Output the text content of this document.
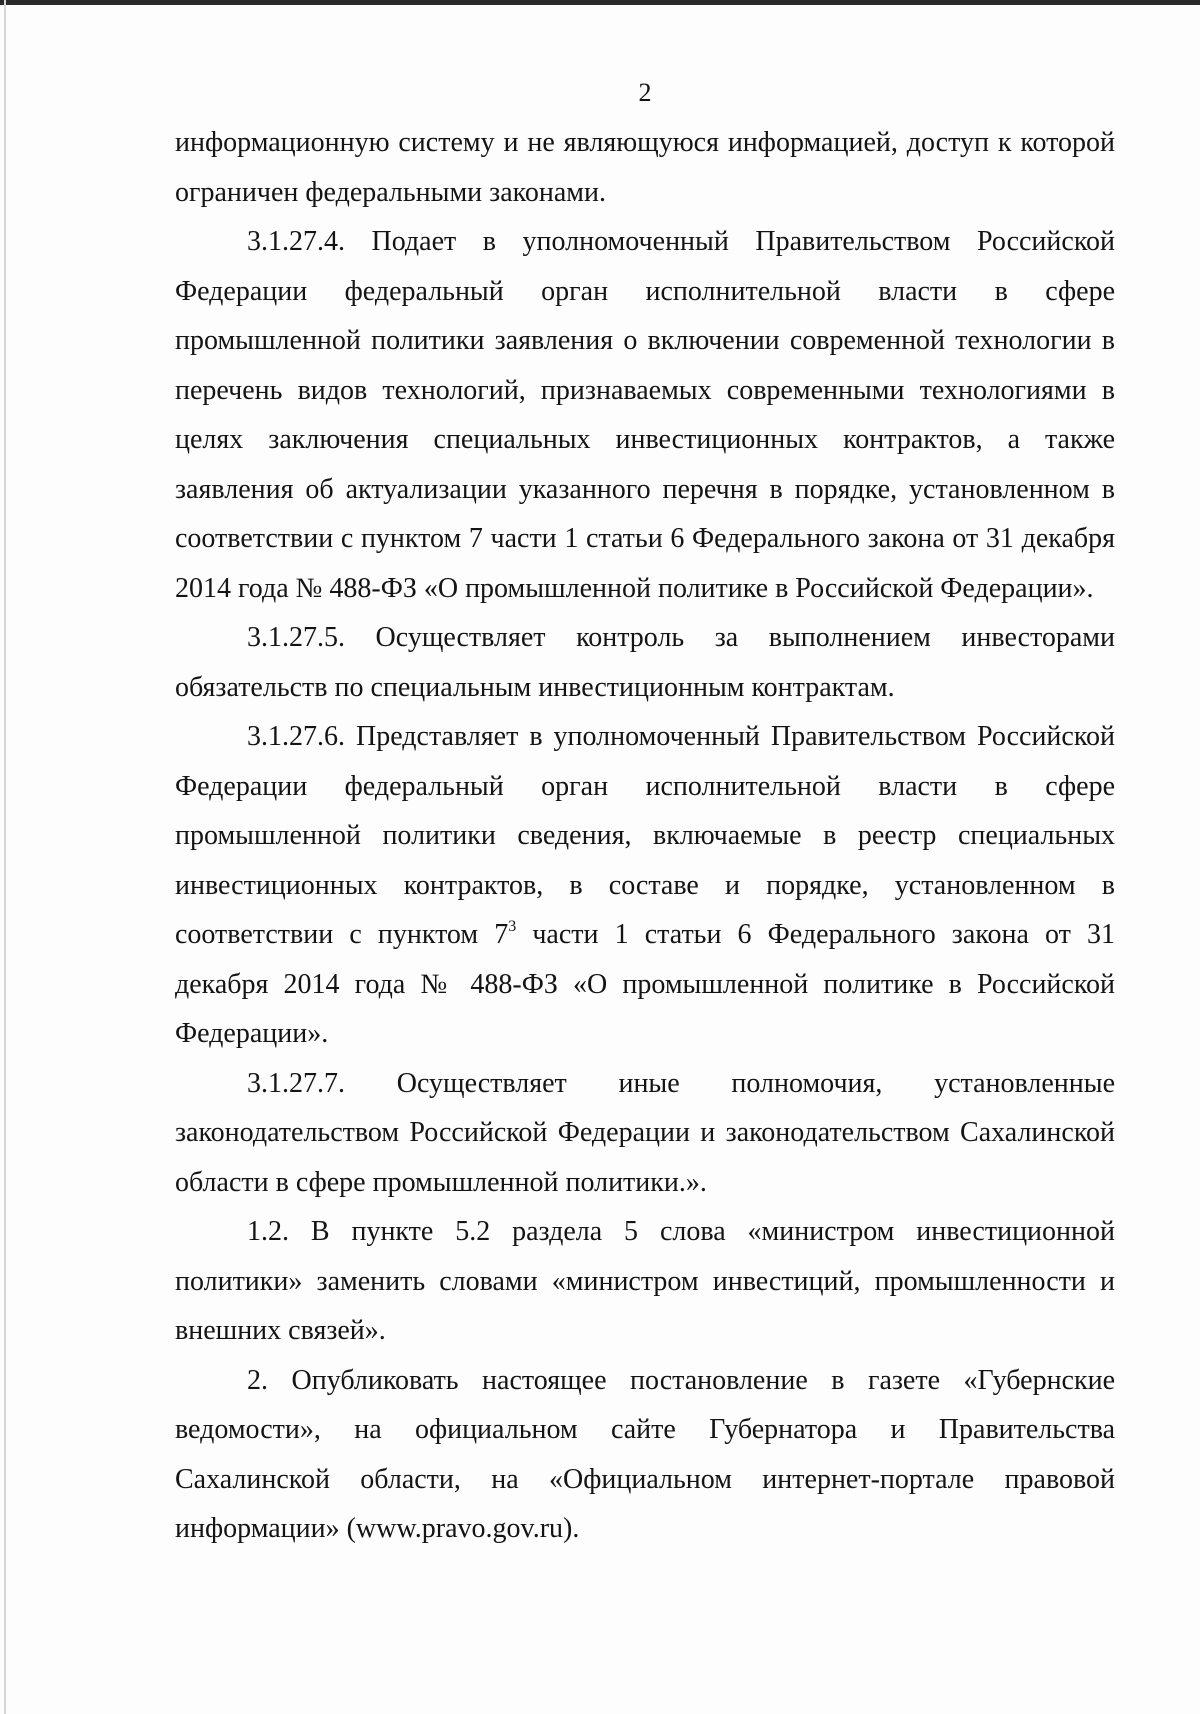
2

информационную систему и не являющуюся информацией, доступ к которой ограничен федеральными законами.

3.1.27.4. Подает в уполномоченный Правительством Российской Федерации федеральный орган исполнительной власти в сфере промышленной политики заявления о включении современной технологии в перечень видов технологий, признаваемых современными технологиями в целях заключения специальных инвестиционных контрактов, а также заявления об актуализации указанного перечня в порядке, установленном в соответствии с пунктом 7 части 1 статьи 6 Федерального закона от 31 декабря 2014 года № 488-ФЗ «О промышленной политике в Российской Федерации».

3.1.27.5. Осуществляет контроль за выполнением инвесторами обязательств по специальным инвестиционным контрактам.

3.1.27.6. Представляет в уполномоченный Правительством Российской Федерации федеральный орган исполнительной власти в сфере промышленной политики сведения, включаемые в реестр специальных инвестиционных контрактов, в составе и порядке, установленном в соответствии с пунктом $7^3$ части 1 статьи 6 Федерального закона от 31 декабря 2014 года № 488-ФЗ «О промышленной политике в Российской Федерации».

3.1.27.7. Осуществляет иные полномочия, установленные законодательством Российской Федерации и законодательством Сахалинской области в сфере промышленной политики.».

1.2. В пункте 5.2 раздела 5 слова «министром инвестиционной политики» заменить словами «министром инвестиций, промышленности и внешних связей».

2. Опубликовать настоящее постановление в газете «Губернские ведомости», на официальном сайте Губернатора и Правительства Сахалинской области, на «Официальном интернет-портале правовой информации» (www.pravo.gov.ru).
